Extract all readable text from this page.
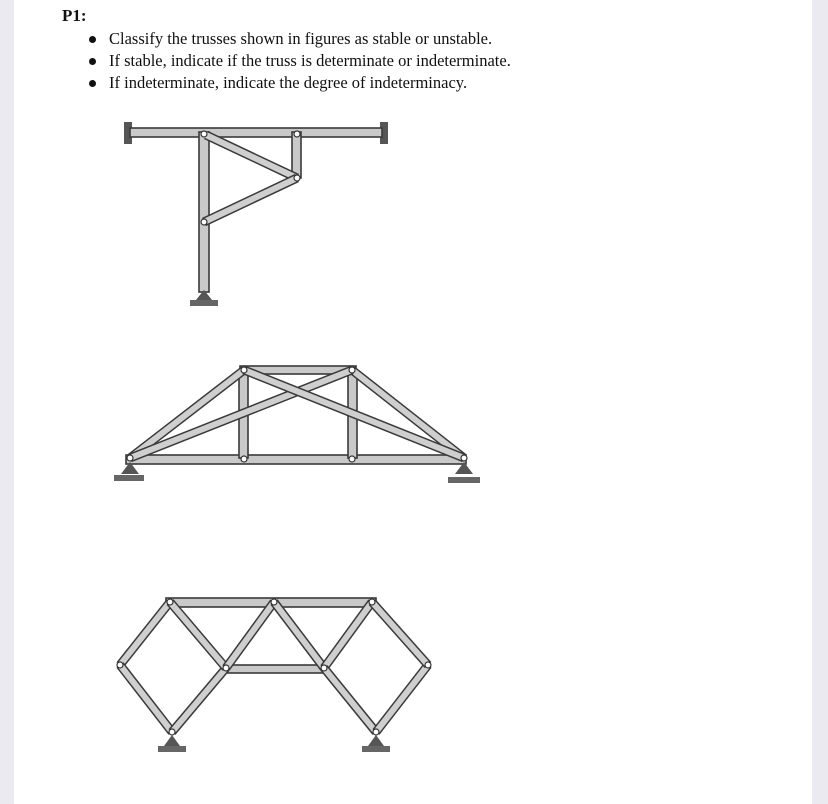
P1:
Classify the trusses shown in figures as stable or unstable.
If stable, indicate if the truss is determinate or indeterminate.
If indeterminate, indicate the degree of indeterminacy.
